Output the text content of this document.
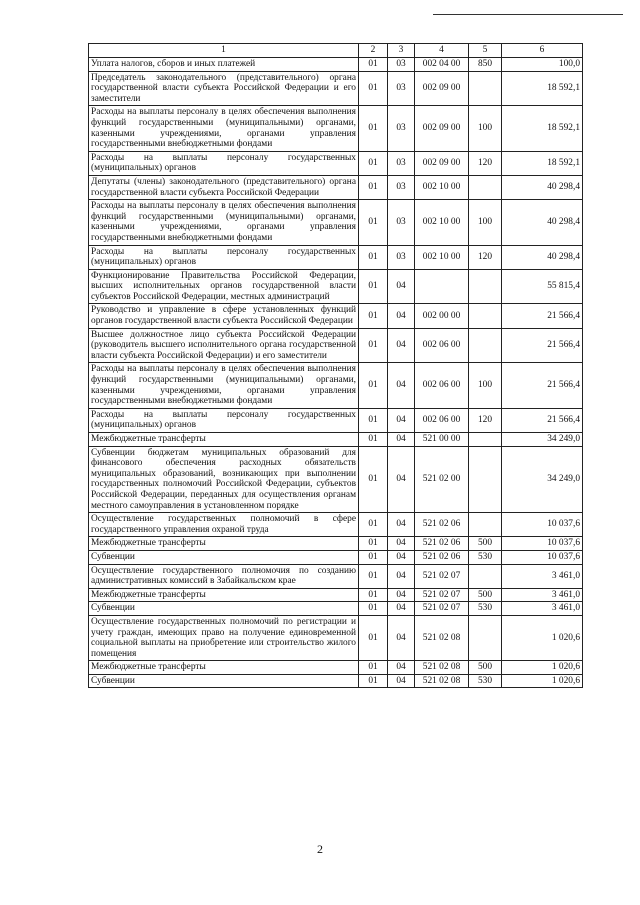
1	2	3	4	5	6
Уплата налогов, сборов и иных платежей	01	03	002 04 00	850	100,0
Председатель законодательного (представительного) органа государственной власти субъекта Российской Федерации и его заместители	01	03	002 09 00		18 592,1
Расходы на выплаты персоналу в целях обеспечения выполнения функций государственными (муниципальными) органами, казенными учреждениями, органами управления государственными внебюджетными фондами	01	03	002 09 00	100	18 592,1
Расходы на выплаты персоналу государственных (муниципальных) органов	01	03	002 09 00	120	18 592,1
Депутаты (члены) законодательного (представительного) органа государственной власти субъекта Российской Федерации	01	03	002 10 00		40 298,4
Расходы на выплаты персоналу в целях обеспечения выполнения функций государственными (муниципальными) органами, казенными учреждениями, органами управления государственными внебюджетными фондами	01	03	002 10 00	100	40 298,4
Расходы на выплаты персоналу государственных (муниципальных) органов	01	03	002 10 00	120	40 298,4
Функционирование Правительства Российской Федерации, высших исполнительных органов государственной власти субъектов Российской Федерации, местных администраций	01	04			55 815,4
Руководство и управление в сфере установленных функций органов государственной власти субъекта Российской Федерации	01	04	002 00 00		21 566,4
Высшее должностное лицо субъекта Российской Федерации (руководитель высшего исполнительного органа государственной власти субъекта Российской Федерации) и его заместители	01	04	002 06 00		21 566,4
Расходы на выплаты персоналу в целях обеспечения выполнения функций государственными (муниципальными) органами, казенными учреждениями, органами управления государственными внебюджетными фондами	01	04	002 06 00	100	21 566,4
Расходы на выплаты персоналу государственных (муниципальных) органов	01	04	002 06 00	120	21 566,4
Межбюджетные трансферты	01	04	521 00 00		34 249,0
Субвенции бюджетам муниципальных образований для финансового обеспечения расходных обязательств муниципальных образований, возникающих при выполнении государственных полномочий Российской Федерации, субъектов Российской Федерации, переданных для осуществления органам местного самоуправления в установленном порядке	01	04	521 02 00		34 249,0
Осуществление государственных полномочий в сфере государственного управления охраной труда	01	04	521 02 06		10 037,6
Межбюджетные трансферты	01	04	521 02 06	500	10 037,6
Субвенции	01	04	521 02 06	530	10 037,6
Осуществление государственного полномочия по созданию административных комиссий в Забайкальском крае	01	04	521 02 07		3 461,0
Межбюджетные трансферты	01	04	521 02 07	500	3 461,0
Субвенции	01	04	521 02 07	530	3 461,0
Осуществление государственных полномочий по регистрации и учету граждан, имеющих право на получение единовременной социальной выплаты на приобретение или строительство жилого помещения	01	04	521 02 08		1 020,6
Межбюджетные трансферты	01	04	521 02 08	500	1 020,6
Субвенции	01	04	521 02 08	530	1 020,6
2
